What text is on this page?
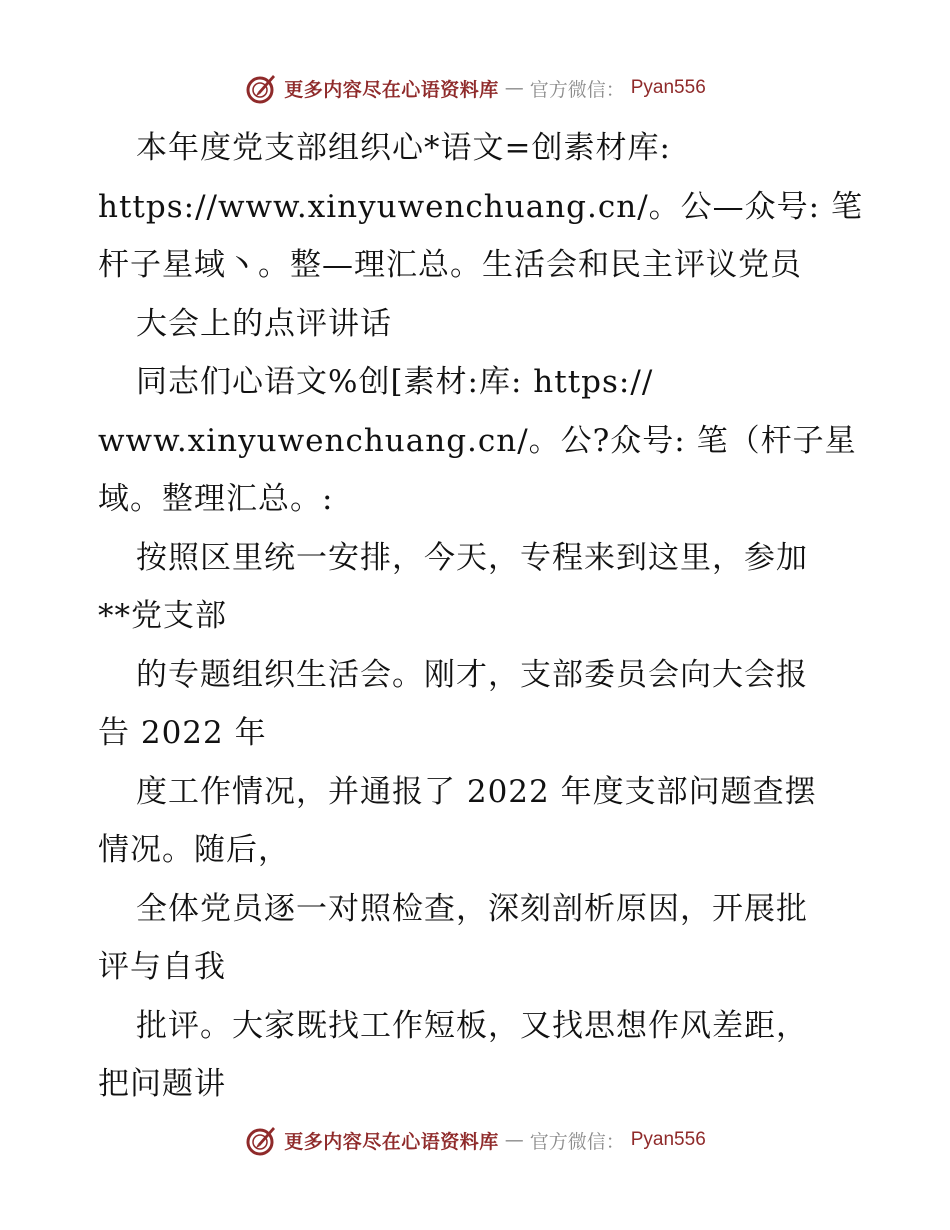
更多内容尽在心语资料库 — 官方微信： Pyan556
本年度党支部组织心*语文=创素材库:
https://www.xinyuwenchuang.cn/。公—众号: 笔
杆子星域丶。整—理汇总。生活会和民主评议党员
大会上的点评讲话
同志们心语文%创[素材:库: https://
www.xinyuwenchuang.cn/。公?众号: 笔（杆子星
域。整理汇总。:
按照区里统一安排，今天，专程来到这里，参加
**党支部
的专题组织生活会。刚才，支部委员会向大会报
告 2022 年
度工作情况，并通报了 2022 年度支部问题查摆
情况。随后，
全体党员逐一对照检查，深刻剖析原因，开展批
评与自我
批评。大家既找工作短板，又找思想作风差距，
把问题讲
更多内容尽在心语资料库 — 官方微信： Pyan556
